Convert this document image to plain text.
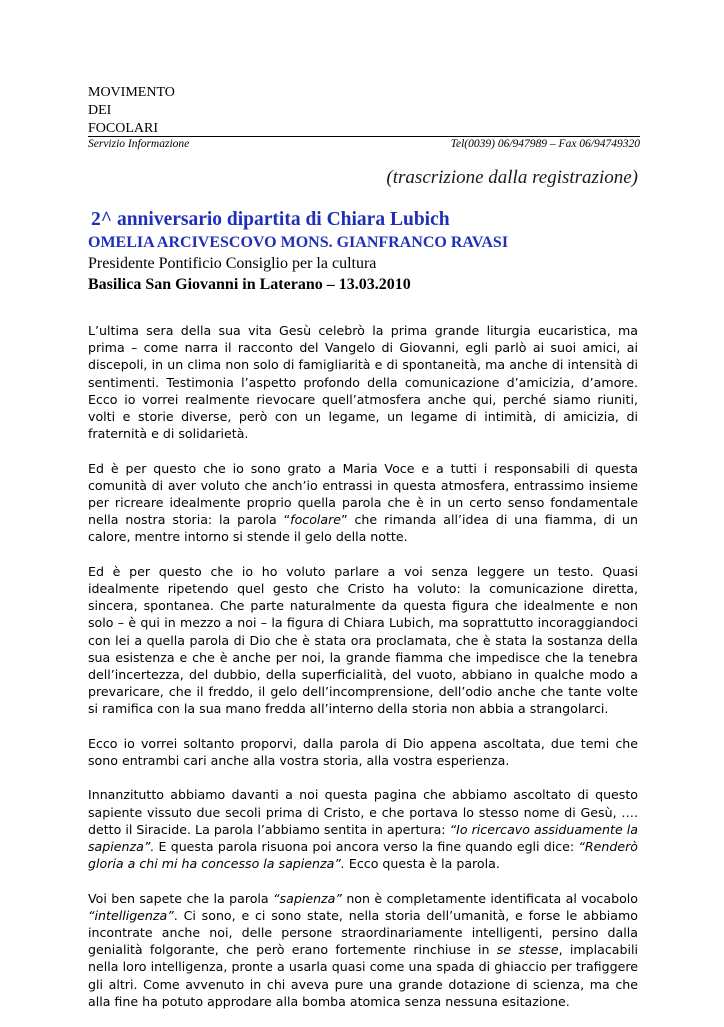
MOVIMENTO
DEI
FOCOLARI
Servizio Informazione	Tel(0039) 06/947989 – Fax 06/94749320
(trascrizione dalla registrazione)
2^ anniversario dipartita di Chiara Lubich
OMELIA ARCIVESCOVO MONS. GIANFRANCO RAVASI
Presidente Pontificio Consiglio per la cultura
Basilica San Giovanni in Laterano – 13.03.2010

L’ultima sera della sua vita Gesù celebrò la prima grande liturgia eucaristica, ma prima – come narra il racconto del Vangelo di Giovanni, egli parlò ai suoi amici, ai discepoli, in un clima non solo di famigliarità e di spontaneità, ma anche di intensità di sentimenti. Testimonia l’aspetto profondo della comunicazione d’amicizia, d’amore. Ecco io vorrei realmente rievocare quell’atmosfera anche qui, perché siamo riuniti, volti e storie diverse, però con un legame, un legame di intimità, di amicizia, di fraternità e di solidarietà.

Ed è per questo che io sono grato a Maria Voce e a tutti i responsabili di questa comunità di aver voluto che anch’io entrassi in questa atmosfera, entrassimo insieme per ricreare idealmente proprio quella parola che è in un certo senso fondamentale nella nostra storia: la parola “focolare” che rimanda all’idea di una fiamma, di un calore, mentre intorno si stende il gelo della notte.

Ed è per questo che io ho voluto parlare a voi senza leggere un testo. Quasi idealmente ripetendo quel gesto che Cristo ha voluto: la comunicazione diretta, sincera, spontanea. Che parte naturalmente da questa figura che idealmente e non solo – è qui in mezzo a noi – la figura di Chiara Lubich, ma soprattutto incoraggiandoci con lei a quella parola di Dio che è stata ora proclamata, che è stata la sostanza della sua esistenza e che è anche per noi, la grande fiamma che impedisce che la tenebra dell’incertezza, del dubbio, della superficialità, del vuoto, abbiano in qualche modo a prevaricare, che il freddo, il gelo dell’incomprensione, dell’odio anche che tante volte si ramifica con la sua mano fredda all’interno della storia non abbia a strangolarci.

Ecco io vorrei soltanto proporvi, dalla parola di Dio appena ascoltata, due temi che sono entrambi cari anche alla vostra storia, alla vostra esperienza.

Innanzitutto abbiamo davanti a noi questa pagina che abbiamo ascoltato di questo sapiente vissuto due secoli prima di Cristo, e che portava lo stesso nome di Gesù, …. detto il Siracide. La parola l’abbiamo sentita in apertura: “Io ricercavo assiduamente la sapienza”. E questa parola risuona poi ancora verso la fine quando egli dice: “Renderò gloria a chi mi ha concesso la sapienza”. Ecco questa è la parola.

Voi ben sapete che la parola “sapienza” non è completamente identificata al vocabolo “intelligenza”. Ci sono, e ci sono state, nella storia dell’umanità, e forse le abbiamo incontrate anche noi, delle persone straordinariamente intelligenti, persino dalla genialità folgorante, che però erano fortemente rinchiuse in se stesse, implacabili nella loro intelligenza, pronte a usarla quasi come una spada di ghiaccio per trafiggere gli altri. Come avvenuto in chi aveva pure una grande dotazione di scienza, ma che alla fine ha potuto approdare alla bomba atomica senza nessuna esitazione.
